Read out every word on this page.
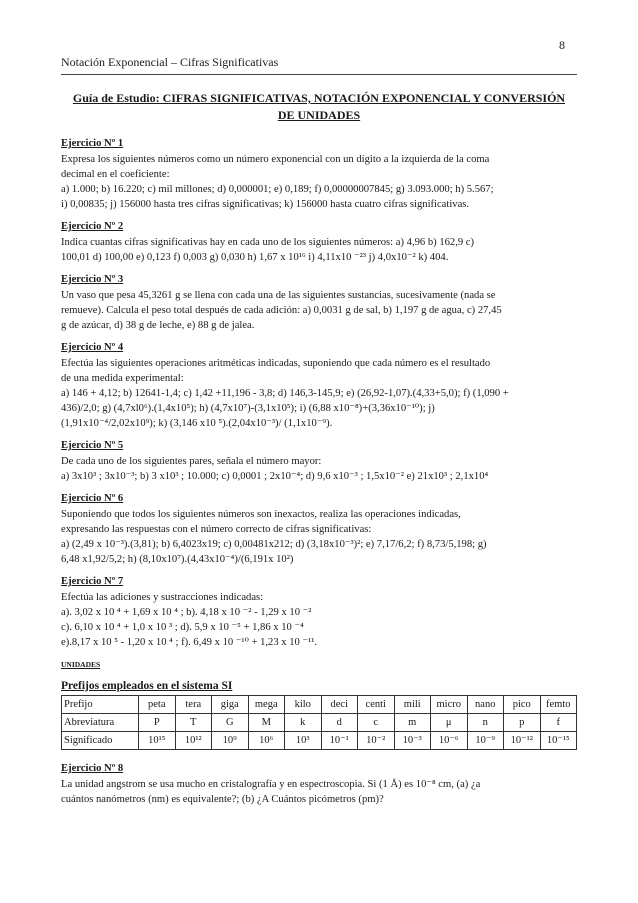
8
Notación Exponencial – Cifras Significativas
Guía de Estudio: CIFRAS SIGNIFICATIVAS, NOTACIÓN EXPONENCIAL Y CONVERSIÓN
DE UNIDADES
Ejercicio Nº 1
Expresa los siguientes números como un número exponencial con un dígito a la izquierda de la coma
decimal en el coeficiente:
a) 1.000; b) 16.220; c) mil millones; d) 0,000001; e) 0,189; f) 0,00000007845; g) 3.093.000; h) 5.567;
i) 0,00835; j) 156000 hasta tres cifras significativas; k) 156000 hasta cuatro cifras significativas.
Ejercicio Nº 2
Indica cuantas cifras significativas hay en cada uno de los siguientes números: a) 4,96 b) 162,9 c)
100,01 d) 100,00 e) 0,123 f) 0,003 g) 0,030 h) 1,67 x 10¹⁶ i) 4,11x10 ⁻²³ j) 4,0x10⁻² k) 404.
Ejercicio Nº 3
Un vaso que pesa 45,3261 g se llena con cada una de las siguientes sustancias, sucesivamente (nada se
remueve). Calcula el peso total después de cada adición: a) 0,0031 g de sal, b) 1,197 g de agua, c) 27,45
g de azúcar, d) 38 g de leche, e) 88 g de jalea.
Ejercicio Nº 4
Efectúa las siguientes operaciones aritméticas indicadas, suponiendo que cada número es el resultado
de una medida experimental:
a) 146 + 4,12; b) 12641-1,4; c) 1,42 +11,196 - 3,8; d) 146,3-145,9; e) (26,92-1,07).(4,33+5,0); f) (1,090 +
436)/2,0; g) (4,7xl0⁶).(1,4x10⁵); h) (4,7x10⁷)-(3,1x10⁵); i) (6,88 x10⁻⁸)+(3,36x10⁻¹⁰); j)
(1,91x10⁻⁴/2,02x10⁹); k) (3,146 x10 ⁵).(2,04x10⁻³)/ (1,1x10⁻⁹).
Ejercicio Nº 5
De cada uno de los siguientes pares, señala el número mayor:
a) 3x10³ ; 3x10⁻³; b) 3 x10³ ; 10.000; c) 0,0001 ; 2x10⁻⁴; d) 9,6 x10⁻³ ; 1,5x10⁻² e) 21x10³ ; 2,1x10⁴
Ejercicio Nº 6
Suponiendo que todos los siguientes números son inexactos, realiza las operaciones indicadas,
expresando las respuestas con el número correcto de cifras significativas:
a) (2,49 x 10⁻³).(3,81); b) 6,4023x19; c) 0,00481x212; d) (3,18x10⁻³)²; e) 7,17/6,2; f) 8,73/5,198; g)
6,48 x1,92/5,2; h) (8,10x10⁷).(4,43x10⁻⁴)/(6,191x 10²)
Ejercicio Nº 7
Efectúa las adiciones y sustracciones indicadas:
a). 3,02 x 10 ⁴ + 1,69 x 10 ⁴ ; b). 4,18 x 10 ⁻² - 1,29 x 10 ⁻²
c). 6,10 x 10 ⁴ + 1,0 x 10 ³ ; d). 5,9 x 10 ⁻⁵ + 1,86 x 10 ⁻⁴
e).8,17 x 10 ⁵ - 1,20 x 10 ⁴ ; f). 6,49 x 10 ⁻¹⁰ + 1,23 x 10 ⁻¹¹.
UNIDADES
Prefijos empleados en el sistema SI
Prefijo	peta	tera	giga	mega	kilo	deci	centi	mili	micro	nano	pico	femto
Abreviatura	P	T	G	M	k	d	c	m	μ	n	p	f
Significado	10¹⁵	10¹²	10⁹	10⁶	10³	10⁻¹	10⁻²	10⁻³	10⁻⁶	10⁻⁹	10⁻¹²	10⁻¹⁵
Ejercicio Nº 8
La unidad angstrom se usa mucho en cristalografía y en espectroscopia. Si (1 Å) es 10⁻⁸ cm, (a) ¿a
cuántos nanómetros (nm) es equivalente?; (b) ¿A Cuántos picómetros (pm)?
